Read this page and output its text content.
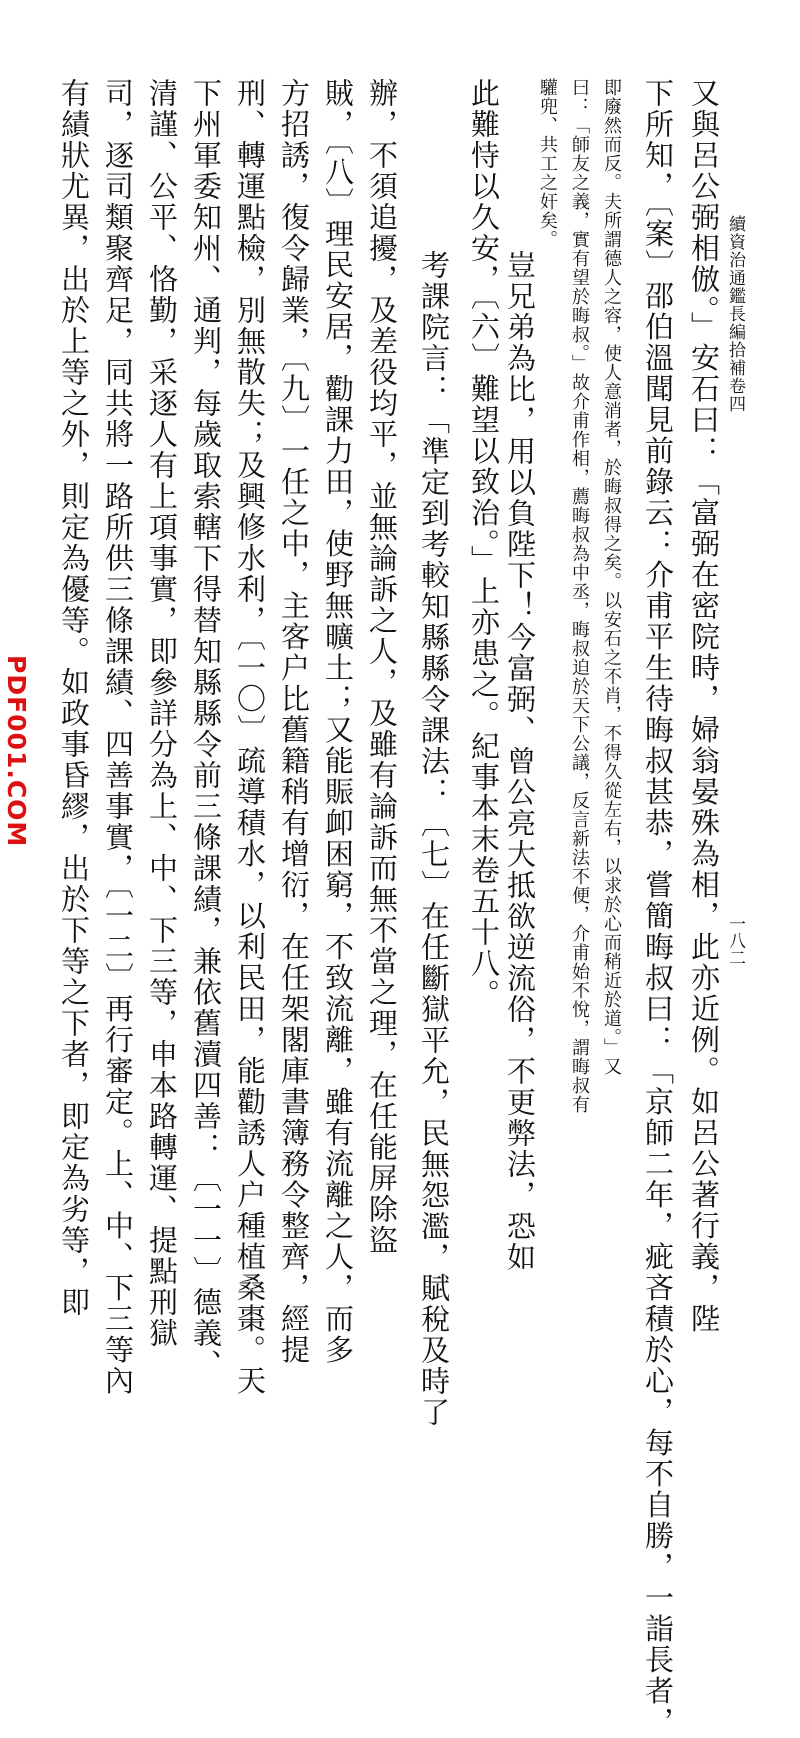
續資治通鑑長編拾補卷四
一八二
又與呂公弼相倣。」安石曰：「富弼在密院時，婦翁晏殊為相，此亦近例。如呂公著行義，陛
下所知，〔案〕邵伯溫聞見前錄云：介甫平生待晦叔甚恭，嘗簡晦叔曰：「京師二年，疵吝積於心，每不自勝，一詣長者，
即廢然而反。夫所謂德人之容，使人意消者，於晦叔得之矣。以安石之不肖，不得久從左右，以求於心而稍近於道。」又
曰：「師友之義，實有望於晦叔。」故介甫作相，薦晦叔為中丞，晦叔迫於天下公議，反言新法不便，介甫始不悅，謂晦叔有
驩兜、共工之奸矣。
豈兄弟為比，用以負陛下！今富弼、曾公亮大抵欲逆流俗，不更弊法，恐如
此難恃以久安，〔六〕難望以致治。」上亦患之。紀事本末卷五十八。
考課院言：「準定到考較知縣縣令課法：〔七〕在任斷獄平允，民無怨濫，賦稅及時了
辦，不須追擾，及差役均平，並無論訴之人，及雖有論訴而無不當之理，在任能屏除盜
賊，〔八〕理民安居，勸課力田，使野無曠土；又能賑卹困窮，不致流離，雖有流離之人，而多
方招誘，復令歸業，〔九〕一任之中，主客户比舊籍稍有增衍，在任架閣庫書簿務令整齊，經提
刑、轉運點檢，別無散失；及興修水利，〔一〇〕疏導積水，以利民田，能勸誘人户種植桑棗。天
下州軍委知州、通判，每歲取索轄下得替知縣縣令前三條課績，兼依舊瀆四善：〔一一〕德義、
清謹、公平、恪勤，采逐人有上項事實，即參詳分為上、中、下三等，申本路轉運、提點刑獄
司，逐司類聚齊足，同共將一路所供三條課績、四善事實，〔一二〕再行審定。上、中、下三等內
有績狀尤異，出於上等之外，則定為優等。如政事昏繆，出於下等之下者，即定為劣等，即
PDF001.COM
